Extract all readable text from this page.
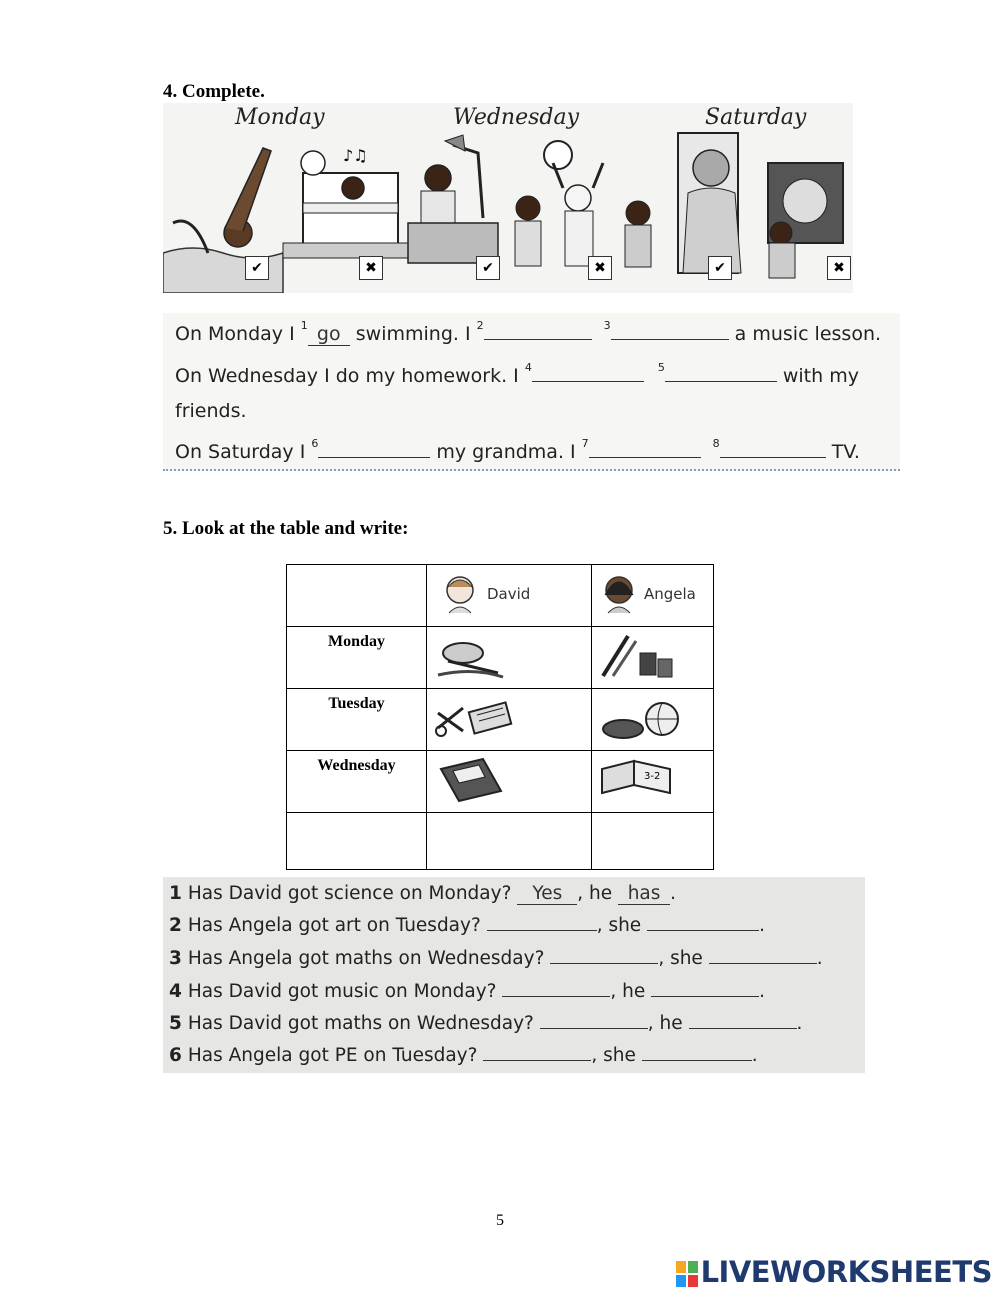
4. Complete.
Monday	Wednesday	Saturday
♪♫
✔	✖	✔	✖	✔	✖
On Monday I $^1$ go swimming. I $^2$	$^3$	a music lesson.
On Wednesday I do my homework. I $^4$	$^5$	with my
friends.
On Saturday I $^6$	my grandma. I $^7$	$^8$	TV.
5. Look at the table and write:

	David	Angela

Monday		
Tuesday		
Wednesday		3-2

1 Has David got science on Monday? Yes , he has .
2 Has Angela got art on Tuesday?	, she	.
3 Has Angela got maths on Wednesday?	, she	.
4 Has David got music on Monday?	, he	.
5 Has David got maths on Wednesday?	, he	.
6 Has Angela got PE on Tuesday?	, she	.
5
LIVEWORKSHEETS
